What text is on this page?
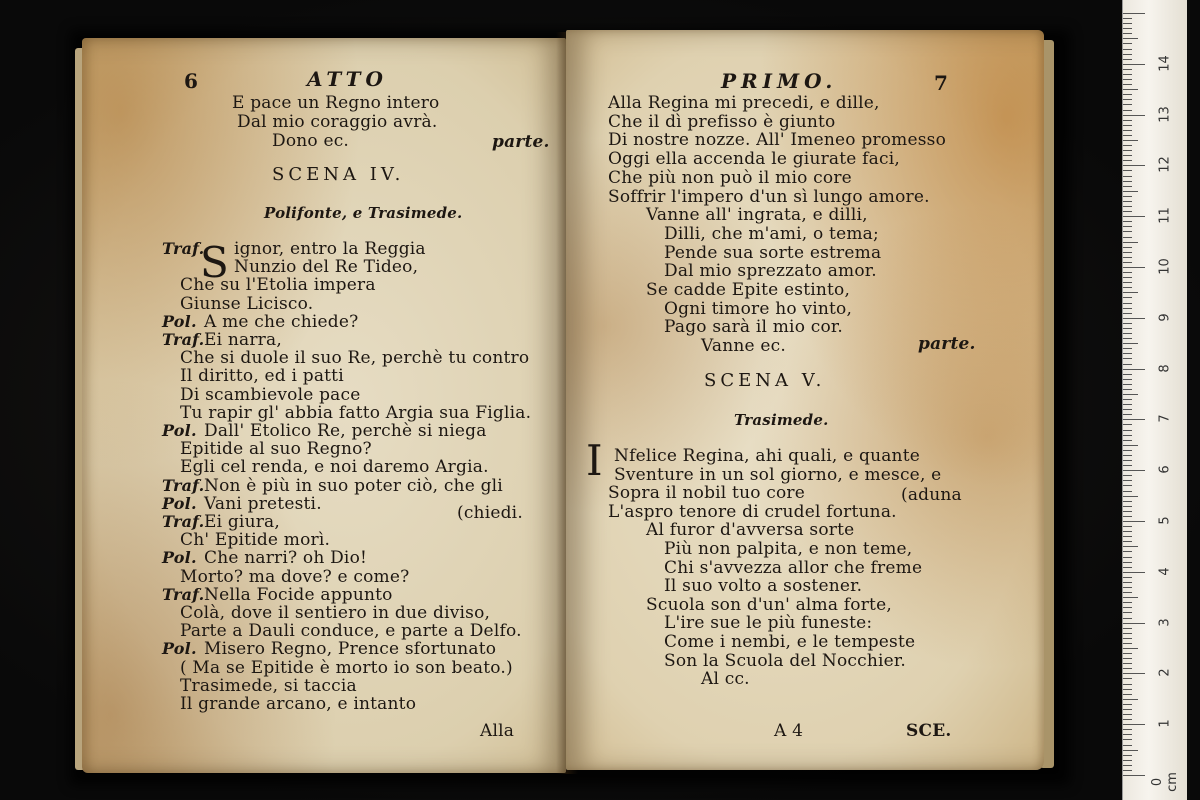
6	ATTO
E pace un Regno intero
Dal mio coraggio avrà.
Dono ec.	parte.
SCENA IV.
Polifonte, e Trasimede.
S
Traf. ignor, entro la Reggia
Nunzio del Re Tideo,
Che su l'Etolia impera
Giunse Licisco.
Pol. A me che chiede?
Traf. Ei narra,
Che si duole il suo Re, perchè tu contro
Il diritto, ed i patti
Di scambievole pace
Tu rapir gl' abbia fatto Argia sua Figlia.
Pol. Dall' Etolico Re, perchè si niega
Epitide al suo Regno?
Egli cel renda, e noi daremo Argia.
Traf. Non è più in suo poter ciò, che gli
Pol. Vani pretesti.
Traf. Ei giura,
Ch' Epitide morì.
Pol. Che narri? oh Dio!
Morto? ma dove? e come?
Traf. Nella Focide appunto
Colà, dove il sentiero in due diviso,
Parte a Dauli conduce, e parte a Delfo.
Pol. Misero Regno, Prence sfortunato
( Ma se Epitide è morto io son beato.)
Trasimede, si taccia
Il grande arcano, e intanto
(chiedi.
Alla
PRIMO.	7
Alla Regina mi precedi, e dille,
Che il dì prefisso è giunto
Di nostre nozze. All' Imeneo promesso
Oggi ella accenda le giurate faci,
Che più non può il mio core
Soffrir l'impero d'un sì lungo amore.
Vanne all' ingrata, e dilli,
Dilli, che m'ami, o tema;
Pende sua sorte estrema
Dal mio sprezzato amor.
Se cadde Epite estinto,
Ogni timore ho vinto,
Pago sarà il mio cor.
Vanne ec.	parte.
SCENA V.
Trasimede.
I Nfelice Regina, ahi quali, e quante
Sventure in un sol giorno, e mesce, e
Sopra il nobil tuo core
L'aspro tenore di crudel fortuna.
Al furor d'avversa sorte
Più non palpita, e non teme,
Chi s'avvezza allor che freme
Il suo volto a sostener.
Scuola son d'un' alma forte,
L'ire sue le più funeste:
Come i nembi, e le tempeste
Son la Scuola del Nocchier.
Al cc.
(aduna
A 4	SCE.
14
13
12
11
10
9
8
7
6
5
4
3
2
1
0 cm
